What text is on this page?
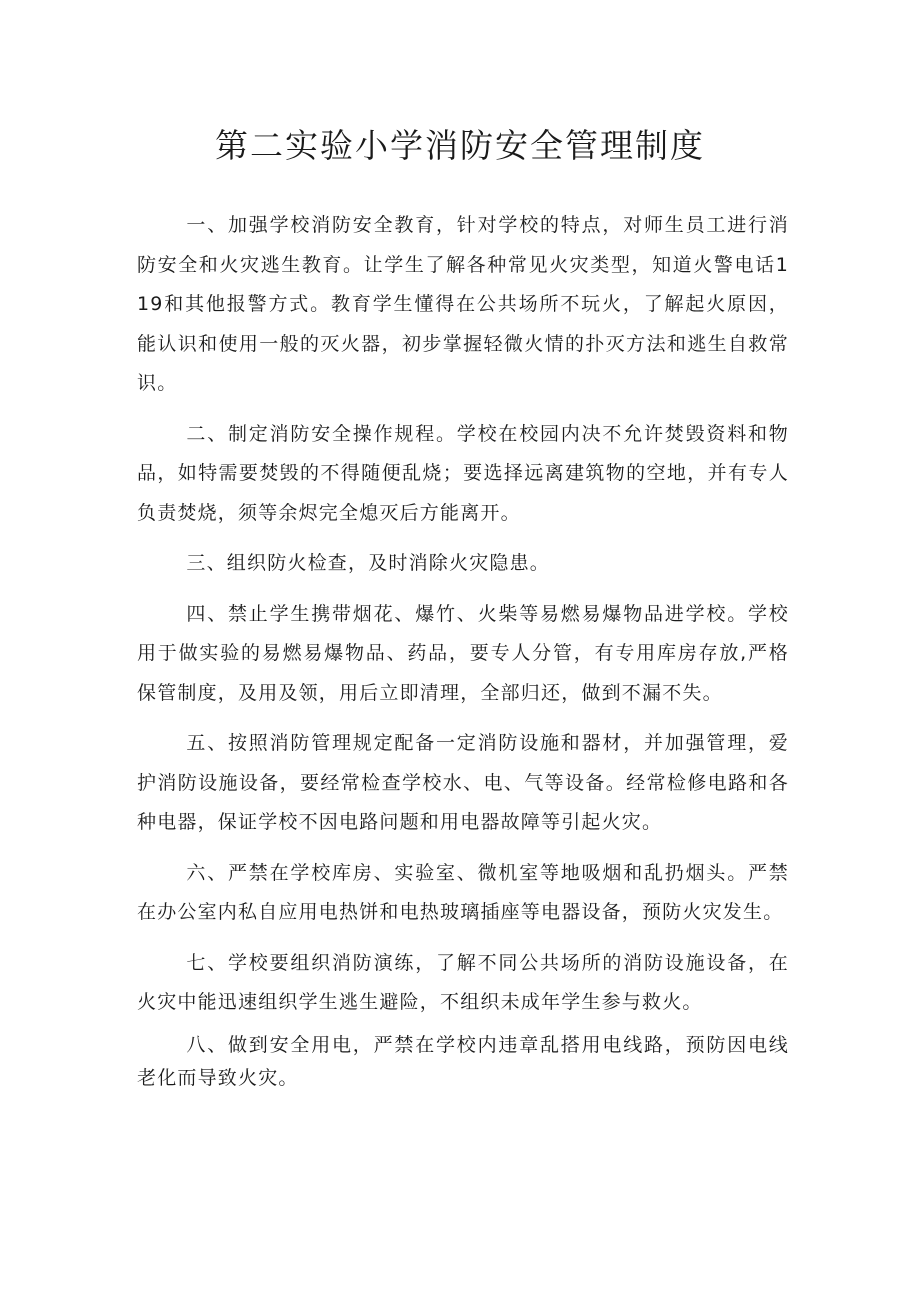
第二实验小学消防安全管理制度

一、加强学校消防安全教育，针对学校的特点，对师生员工进行消防安全和火灾逃生教育。让学生了解各种常见火灾类型，知道火警电话119和其他报警方式。教育学生懂得在公共场所不玩火，了解起火原因，能认识和使用一般的灭火器，初步掌握轻微火情的扑灭方法和逃生自救常识。

二、制定消防安全操作规程。学校在校园内决不允许焚毁资料和物品，如特需要焚毁的不得随便乱烧；要选择远离建筑物的空地，并有专人负责焚烧，须等余烬完全熄灭后方能离开。

三、组织防火检查，及时消除火灾隐患。

四、禁止学生携带烟花、爆竹、火柴等易燃易爆物品进学校。学校用于做实验的易燃易爆物品、药品，要专人分管，有专用库房存放,严格保管制度，及用及领，用后立即清理，全部归还，做到不漏不失。

五、按照消防管理规定配备一定消防设施和器材，并加强管理，爱护消防设施设备，要经常检查学校水、电、气等设备。经常检修电路和各种电器，保证学校不因电路问题和用电器故障等引起火灾。

六、严禁在学校库房、实验室、微机室等地吸烟和乱扔烟头。严禁在办公室内私自应用电热饼和电热玻璃插座等电器设备，预防火灾发生。

七、学校要组织消防演练，了解不同公共场所的消防设施设备，在火灾中能迅速组织学生逃生避险，不组织未成年学生参与救火。

八、做到安全用电，严禁在学校内违章乱搭用电线路，预防因电线老化而导致火灾。
